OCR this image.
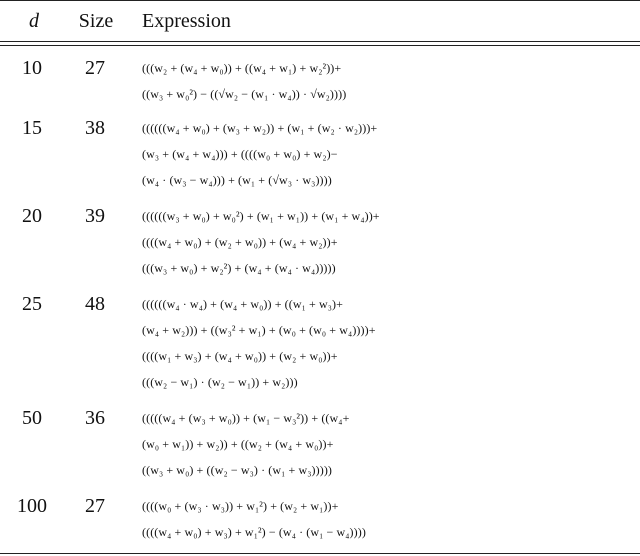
d	Size	Expression
10	27	(((w₂ + (w₄ + w₀)) + ((w₄ + w₁) + w₂²))+
((w₃ + w₀²) − ((√w₂ − (w₁ · w₄)) · √w₂))))
15	38	((((((w₄ + w₀) + (w₃ + w₂)) + (w₁ + (w₂ · w₂)))+
(w₃ + (w₄ + w₄))) + ((((w₀ + w₀) + w₂)−
(w₄ · (w₃ − w₄))) + (w₁ + (√w₃ · w₃))))
20	39	((((((w₃ + w₀) + w₀²) + (w₁ + w₁)) + (w₁ + w₄))+
((((w₄ + w₀) + (w₂ + w₀)) + (w₄ + w₂))+
(((w₃ + w₀) + w₂²) + (w₄ + (w₄ · w₄)))))
25	48	((((((w₄ · w₄) + (w₄ + w₀)) + ((w₁ + w₃)+
(w₄ + w₂))) + ((w₃² + w₁) + (w₀ + (w₀ + w₄))))+
((((w₁ + w₃) + (w₄ + w₀)) + (w₂ + w₀))+
(((w₂ − w₁) · (w₂ − w₁)) + w₂)))
50	36	(((((w₄ + (w₃ + w₀)) + (w₁ − w₃²)) + ((w₄+
(w₀ + w₁)) + w₂)) + ((w₂ + (w₄ + w₀))+
((w₃ + w₀) + ((w₂ − w₃) · (w₁ + w₃)))))
100	27	((((w₀ + (w₃ · w₃)) + w₁²) + (w₂ + w₁))+
((((w₄ + w₀) + w₃) + w₁²) − (w₄ · (w₁ − w₄))))
